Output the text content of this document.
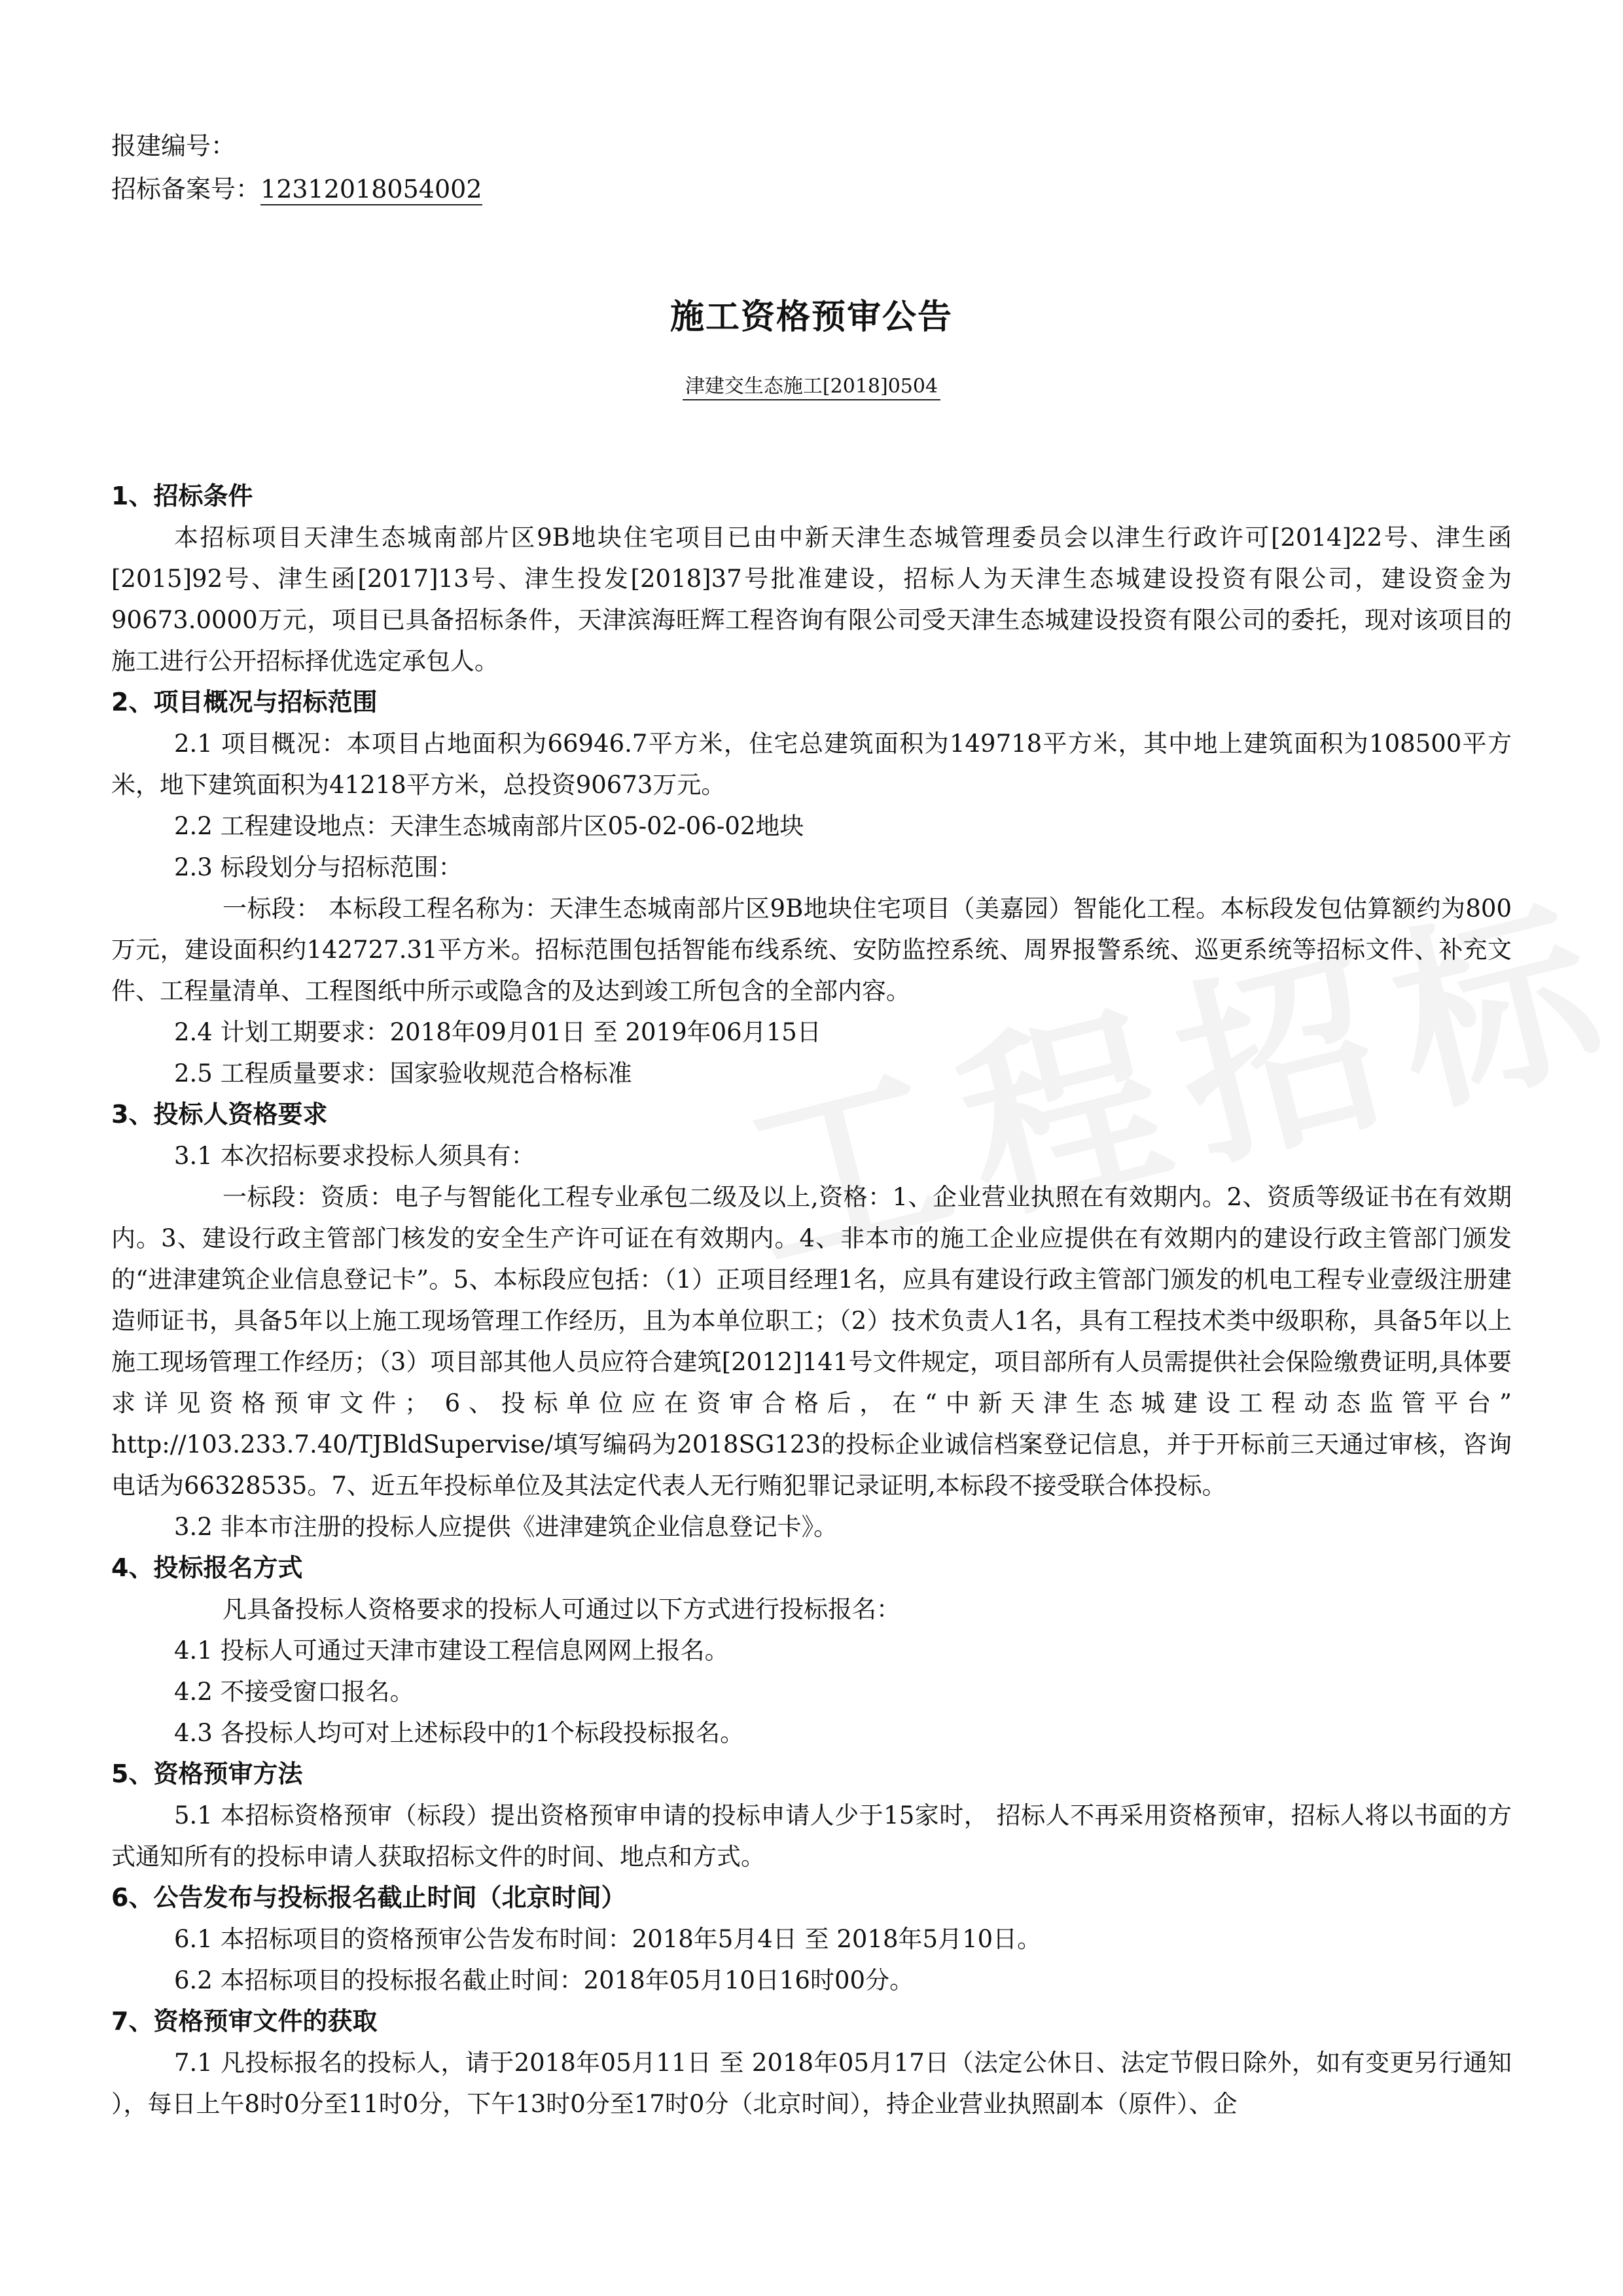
报建编号：
招标备案号：12312018054002
施工资格预审公告
津建交生态施工[2018]0504
1、招标条件

本招标项目天津生态城南部片区9B地块住宅项目已由中新天津生态城管理委员会以津生行政许可[2014]22号、津生函[2015]92号、津生函[2017]13号、津生投发[2018]37号批准建设，招标人为天津生态城建设投资有限公司，建设资金为90673.0000万元，项目已具备招标条件，天津滨海旺辉工程咨询有限公司受天津生态城建设投资有限公司的委托，现对该项目的施工进行公开招标择优选定承包人。

2、项目概况与招标范围

2.1 项目概况：本项目占地面积为66946.7平方米，住宅总建筑面积为149718平方米，其中地上建筑面积为108500平方米，地下建筑面积为41218平方米，总投资90673万元。

2.2 工程建设地点：天津生态城南部片区05-02-06-02地块

2.3 标段划分与招标范围：

一标段： 本标段工程名称为：天津生态城南部片区9B地块住宅项目（美嘉园）智能化工程。本标段发包估算额约为800万元，建设面积约142727.31平方米。招标范围包括智能布线系统、安防监控系统、周界报警系统、巡更系统等招标文件、补充文件、工程量清单、工程图纸中所示或隐含的及达到竣工所包含的全部内容。

2.4 计划工期要求：2018年09月01日 至 2019年06月15日

2.5 工程质量要求：国家验收规范合格标准

3、投标人资格要求

3.1 本次招标要求投标人须具有：

一标段：资质：电子与智能化工程专业承包二级及以上,资格：1、企业营业执照在有效期内。2、资质等级证书在有效期内。3、建设行政主管部门核发的安全生产许可证在有效期内。4、非本市的施工企业应提供在有效期内的建设行政主管部门颁发的“进津建筑企业信息登记卡”。5、本标段应包括：（1）正项目经理1名，应具有建设行政主管部门颁发的机电工程专业壹级注册建造师证书，具备5年以上施工现场管理工作经历，且为本单位职工；（2）技术负责人1名，具有工程技术类中级职称，具备5年以上施工现场管理工作经历；（3）项目部其他人员应符合建筑[2012]141号文件规定，项目部所有人员需提供社会保险缴费证明,具体要求详见资格预审文件； 6、投标单位应在资审合格后，在“中新天津生态城建设工程动态监管平台” http://103.233.7.40/TJBldSupervise/填写编码为2018SG123的投标企业诚信档案登记信息，并于开标前三天通过审核，咨询电话为66328535。7、近五年投标单位及其法定代表人无行贿犯罪记录证明,本标段不接受联合体投标。

3.2 非本市注册的投标人应提供《进津建筑企业信息登记卡》。

4、投标报名方式

凡具备投标人资格要求的投标人可通过以下方式进行投标报名：

4.1 投标人可通过天津市建设工程信息网网上报名。

4.2 不接受窗口报名。

4.3 各投标人均可对上述标段中的1个标段投标报名。

5、资格预审方法

5.1 本招标资格预审（标段）提出资格预审申请的投标申请人少于15家时， 招标人不再采用资格预审，招标人将以书面的方式通知所有的投标申请人获取招标文件的时间、地点和方式。

6、公告发布与投标报名截止时间（北京时间）

6.1 本招标项目的资格预审公告发布时间：2018年5月4日 至 2018年5月10日。

6.2 本招标项目的投标报名截止时间：2018年05月10日16时00分。

7、资格预审文件的获取

7.1 凡投标报名的投标人，请于2018年05月11日 至 2018年05月17日（法定公休日、法定节假日除外，如有变更另行通知 ），每日上午8时0分至11时0分，下午13时0分至17时0分（北京时间），持企业营业执照副本（原件）、企
